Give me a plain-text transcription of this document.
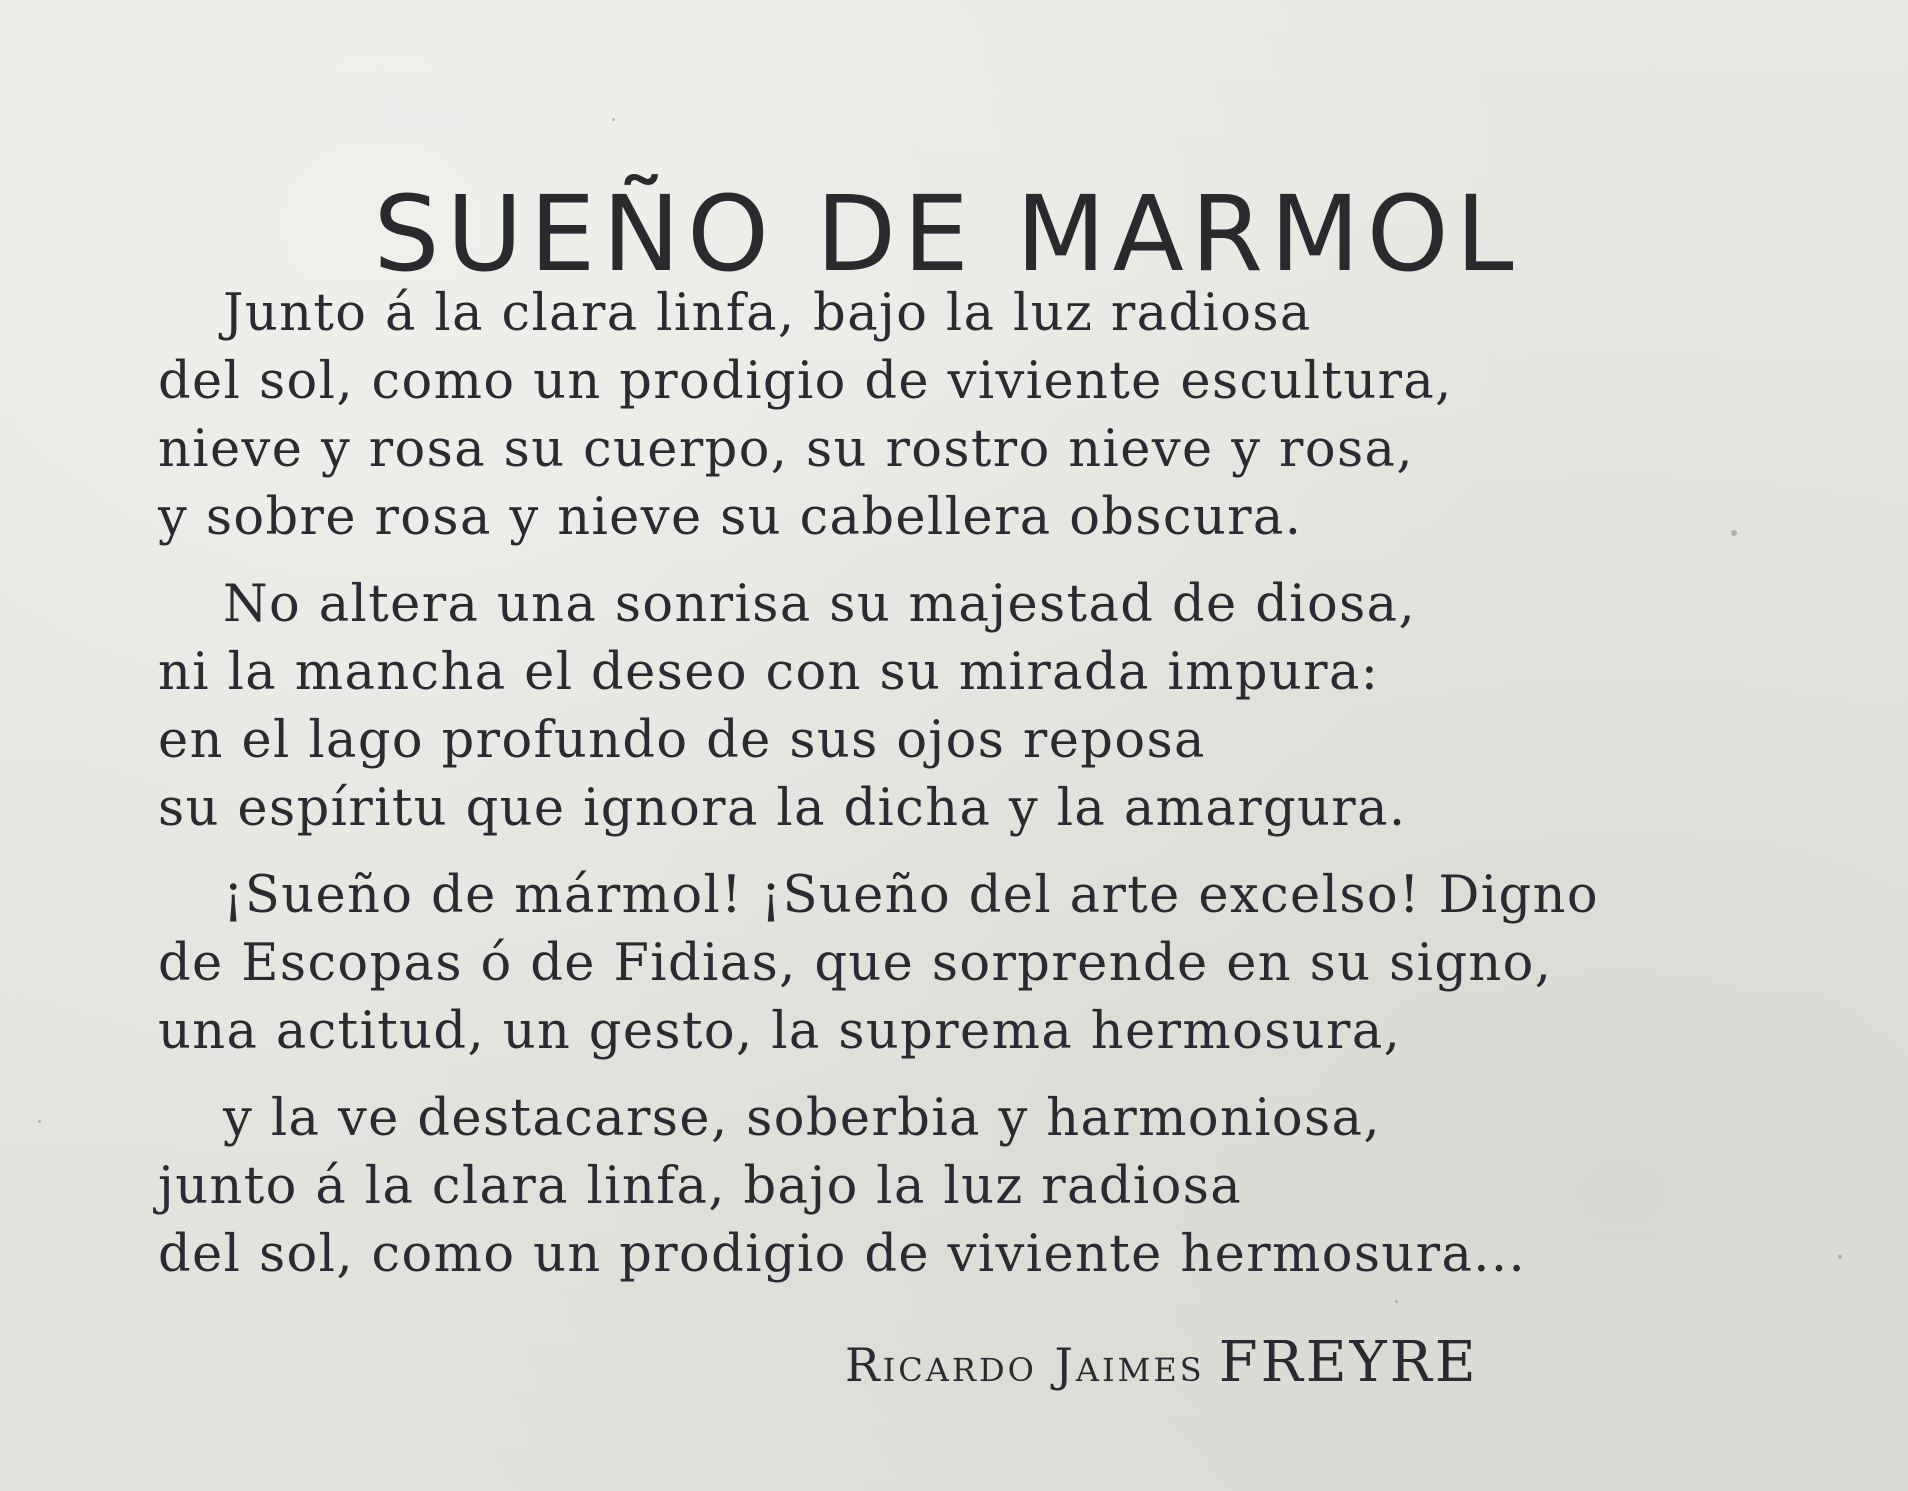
SUEÑO DE MARMOL
Junto á la clara linfa, bajo la luz radiosa
del sol, como un prodigio de viviente escultura,
nieve y rosa su cuerpo, su rostro nieve y rosa,
y sobre rosa y nieve su cabellera obscura.
No altera una sonrisa su majestad de diosa,
ni la mancha el deseo con su mirada impura:
en el lago profundo de sus ojos reposa
su espíritu que ignora la dicha y la amargura.
¡Sueño de mármol! ¡Sueño del arte excelso! Digno
de Escopas ó de Fidias, que sorprende en su signo,
una actitud, un gesto, la suprema hermosura,
y la ve destacarse, soberbia y harmoniosa,
junto á la clara linfa, bajo la luz radiosa
del sol, como un prodigio de viviente hermosura...
Ricardo Jaimes FREYRE
